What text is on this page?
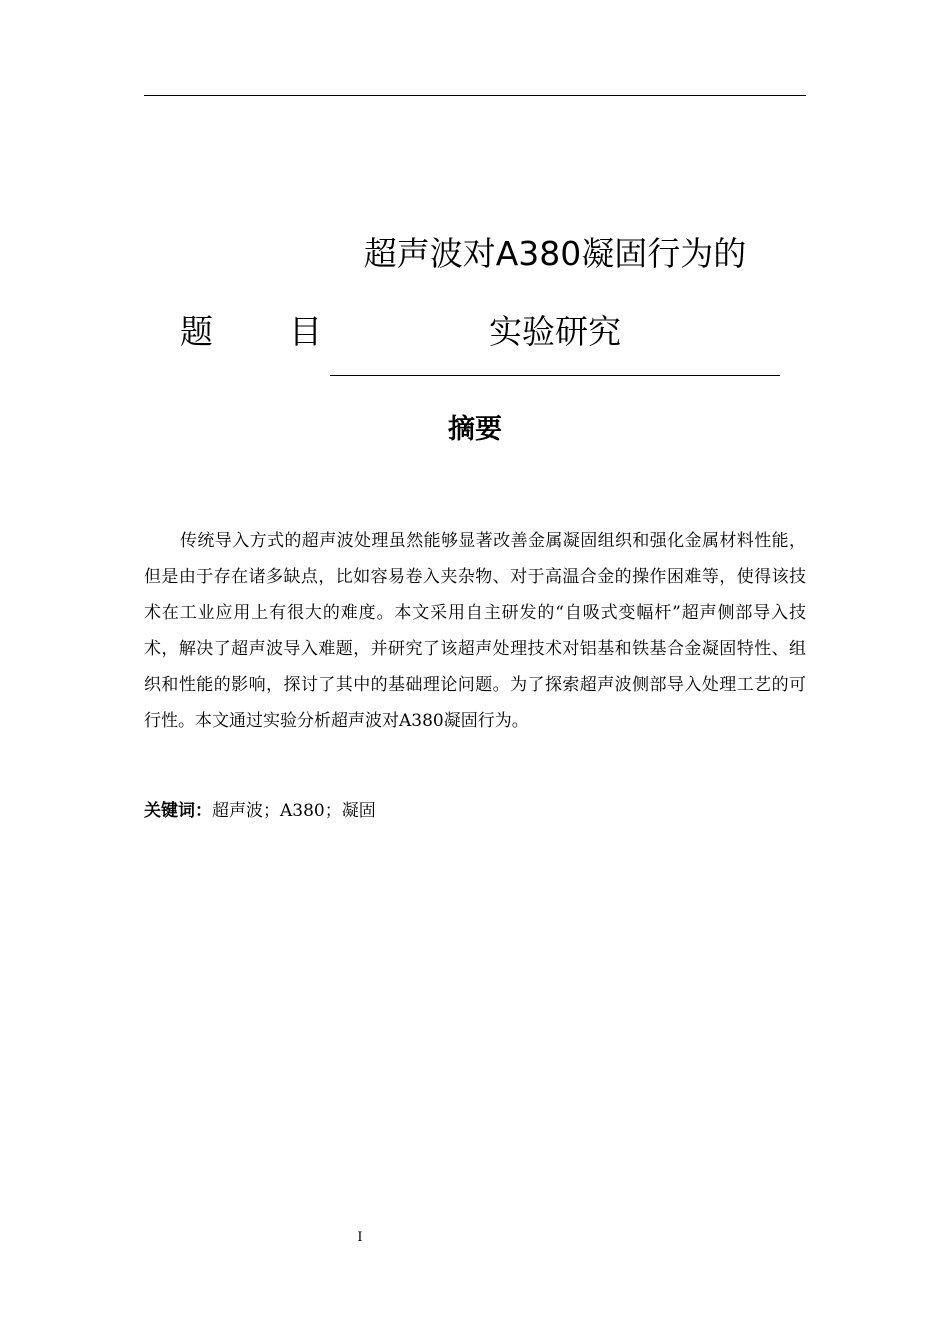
超声波对A380凝固行为的
题 目	实验研究
摘要

传统导入方式的超声波处理虽然能够显著改善金属凝固组织和强化金属材料性能，但是由于存在诸多缺点，比如容易卷入夹杂物、对于高温合金的操作困难等，使得该技术在工业应用上有很大的难度。本文采用自主研发的“自吸式变幅杆”超声侧部导入技术，解决了超声波导入难题，并研究了该超声处理技术对铝基和铁基合金凝固特性、组织和性能的影响，探讨了其中的基础理论问题。为了探索超声波侧部导入处理工艺的可行性。本文通过实验分析超声波对A380凝固行为。

关键词：超声波；A380；凝固
I
